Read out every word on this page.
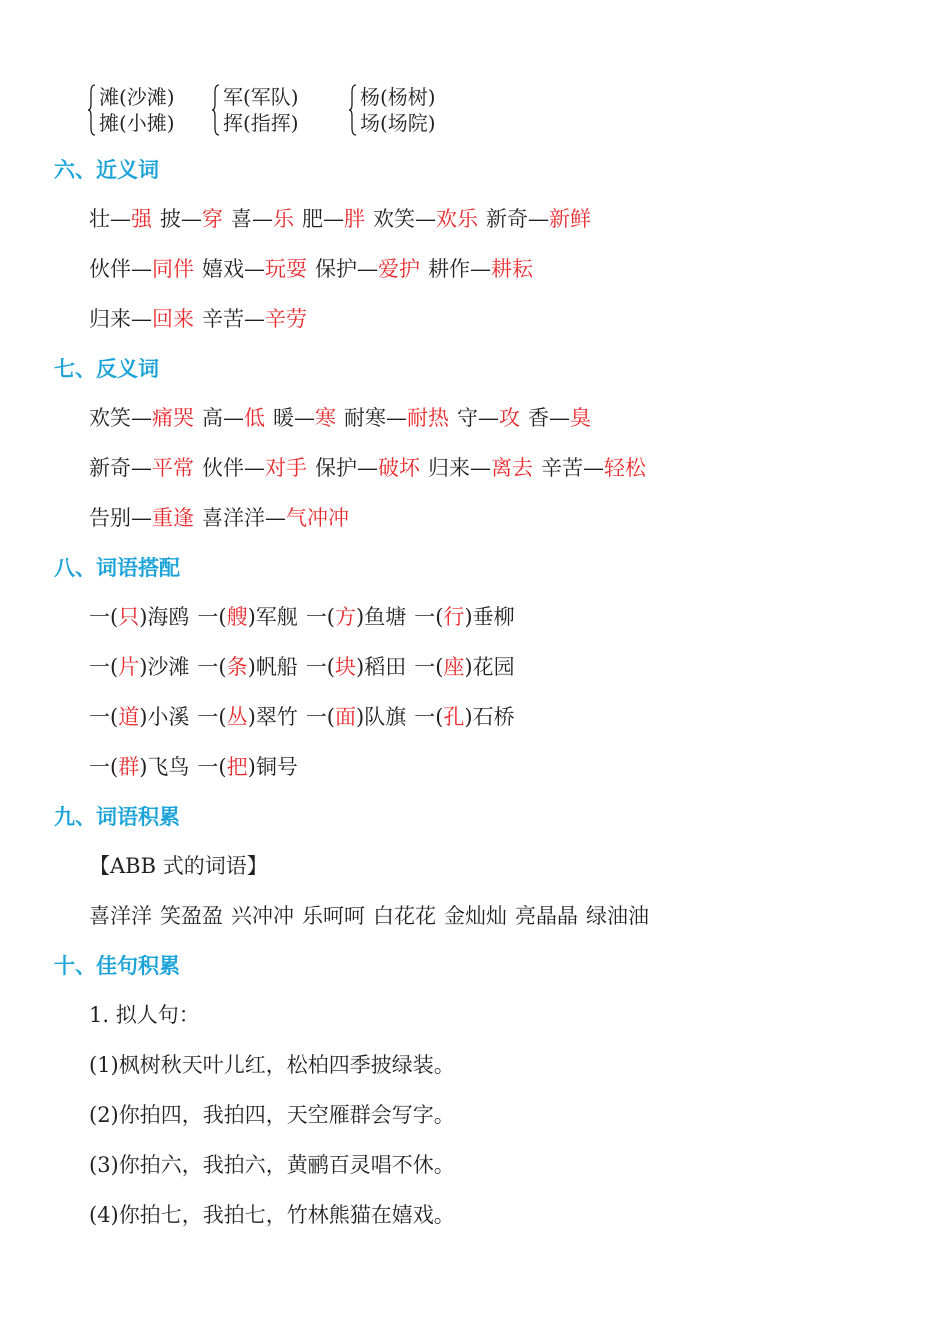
滩(沙滩)
摊(小摊)
军(军队)
挥(指挥)
杨(杨树)
场(场院)
六、近义词
壮—强 披—穿 喜—乐 肥—胖 欢笑—欢乐 新奇—新鲜
伙伴—同伴 嬉戏—玩耍 保护—爱护 耕作—耕耘
归来—回来 辛苦—辛劳
七、反义词
欢笑—痛哭 高—低 暖—寒 耐寒—耐热 守—攻 香—臭
新奇—平常 伙伴—对手 保护—破坏 归来—离去 辛苦—轻松
告别—重逢 喜洋洋—气冲冲
八、词语搭配
一(只)海鸥 一(艘)军舰 一(方)鱼塘 一(行)垂柳
一(片)沙滩 一(条)帆船 一(块)稻田 一(座)花园
一(道)小溪 一(丛)翠竹 一(面)队旗 一(孔)石桥
一(群)飞鸟 一(把)铜号
九、词语积累
【ABB 式的词语】
喜洋洋 笑盈盈 兴冲冲 乐呵呵 白花花 金灿灿 亮晶晶 绿油油
十、佳句积累
1. 拟人句：
(1)枫树秋天叶儿红，松柏四季披绿装。
(2)你拍四，我拍四，天空雁群会写字。
(3)你拍六，我拍六，黄鹂百灵唱不休。
(4)你拍七，我拍七，竹林熊猫在嬉戏。
